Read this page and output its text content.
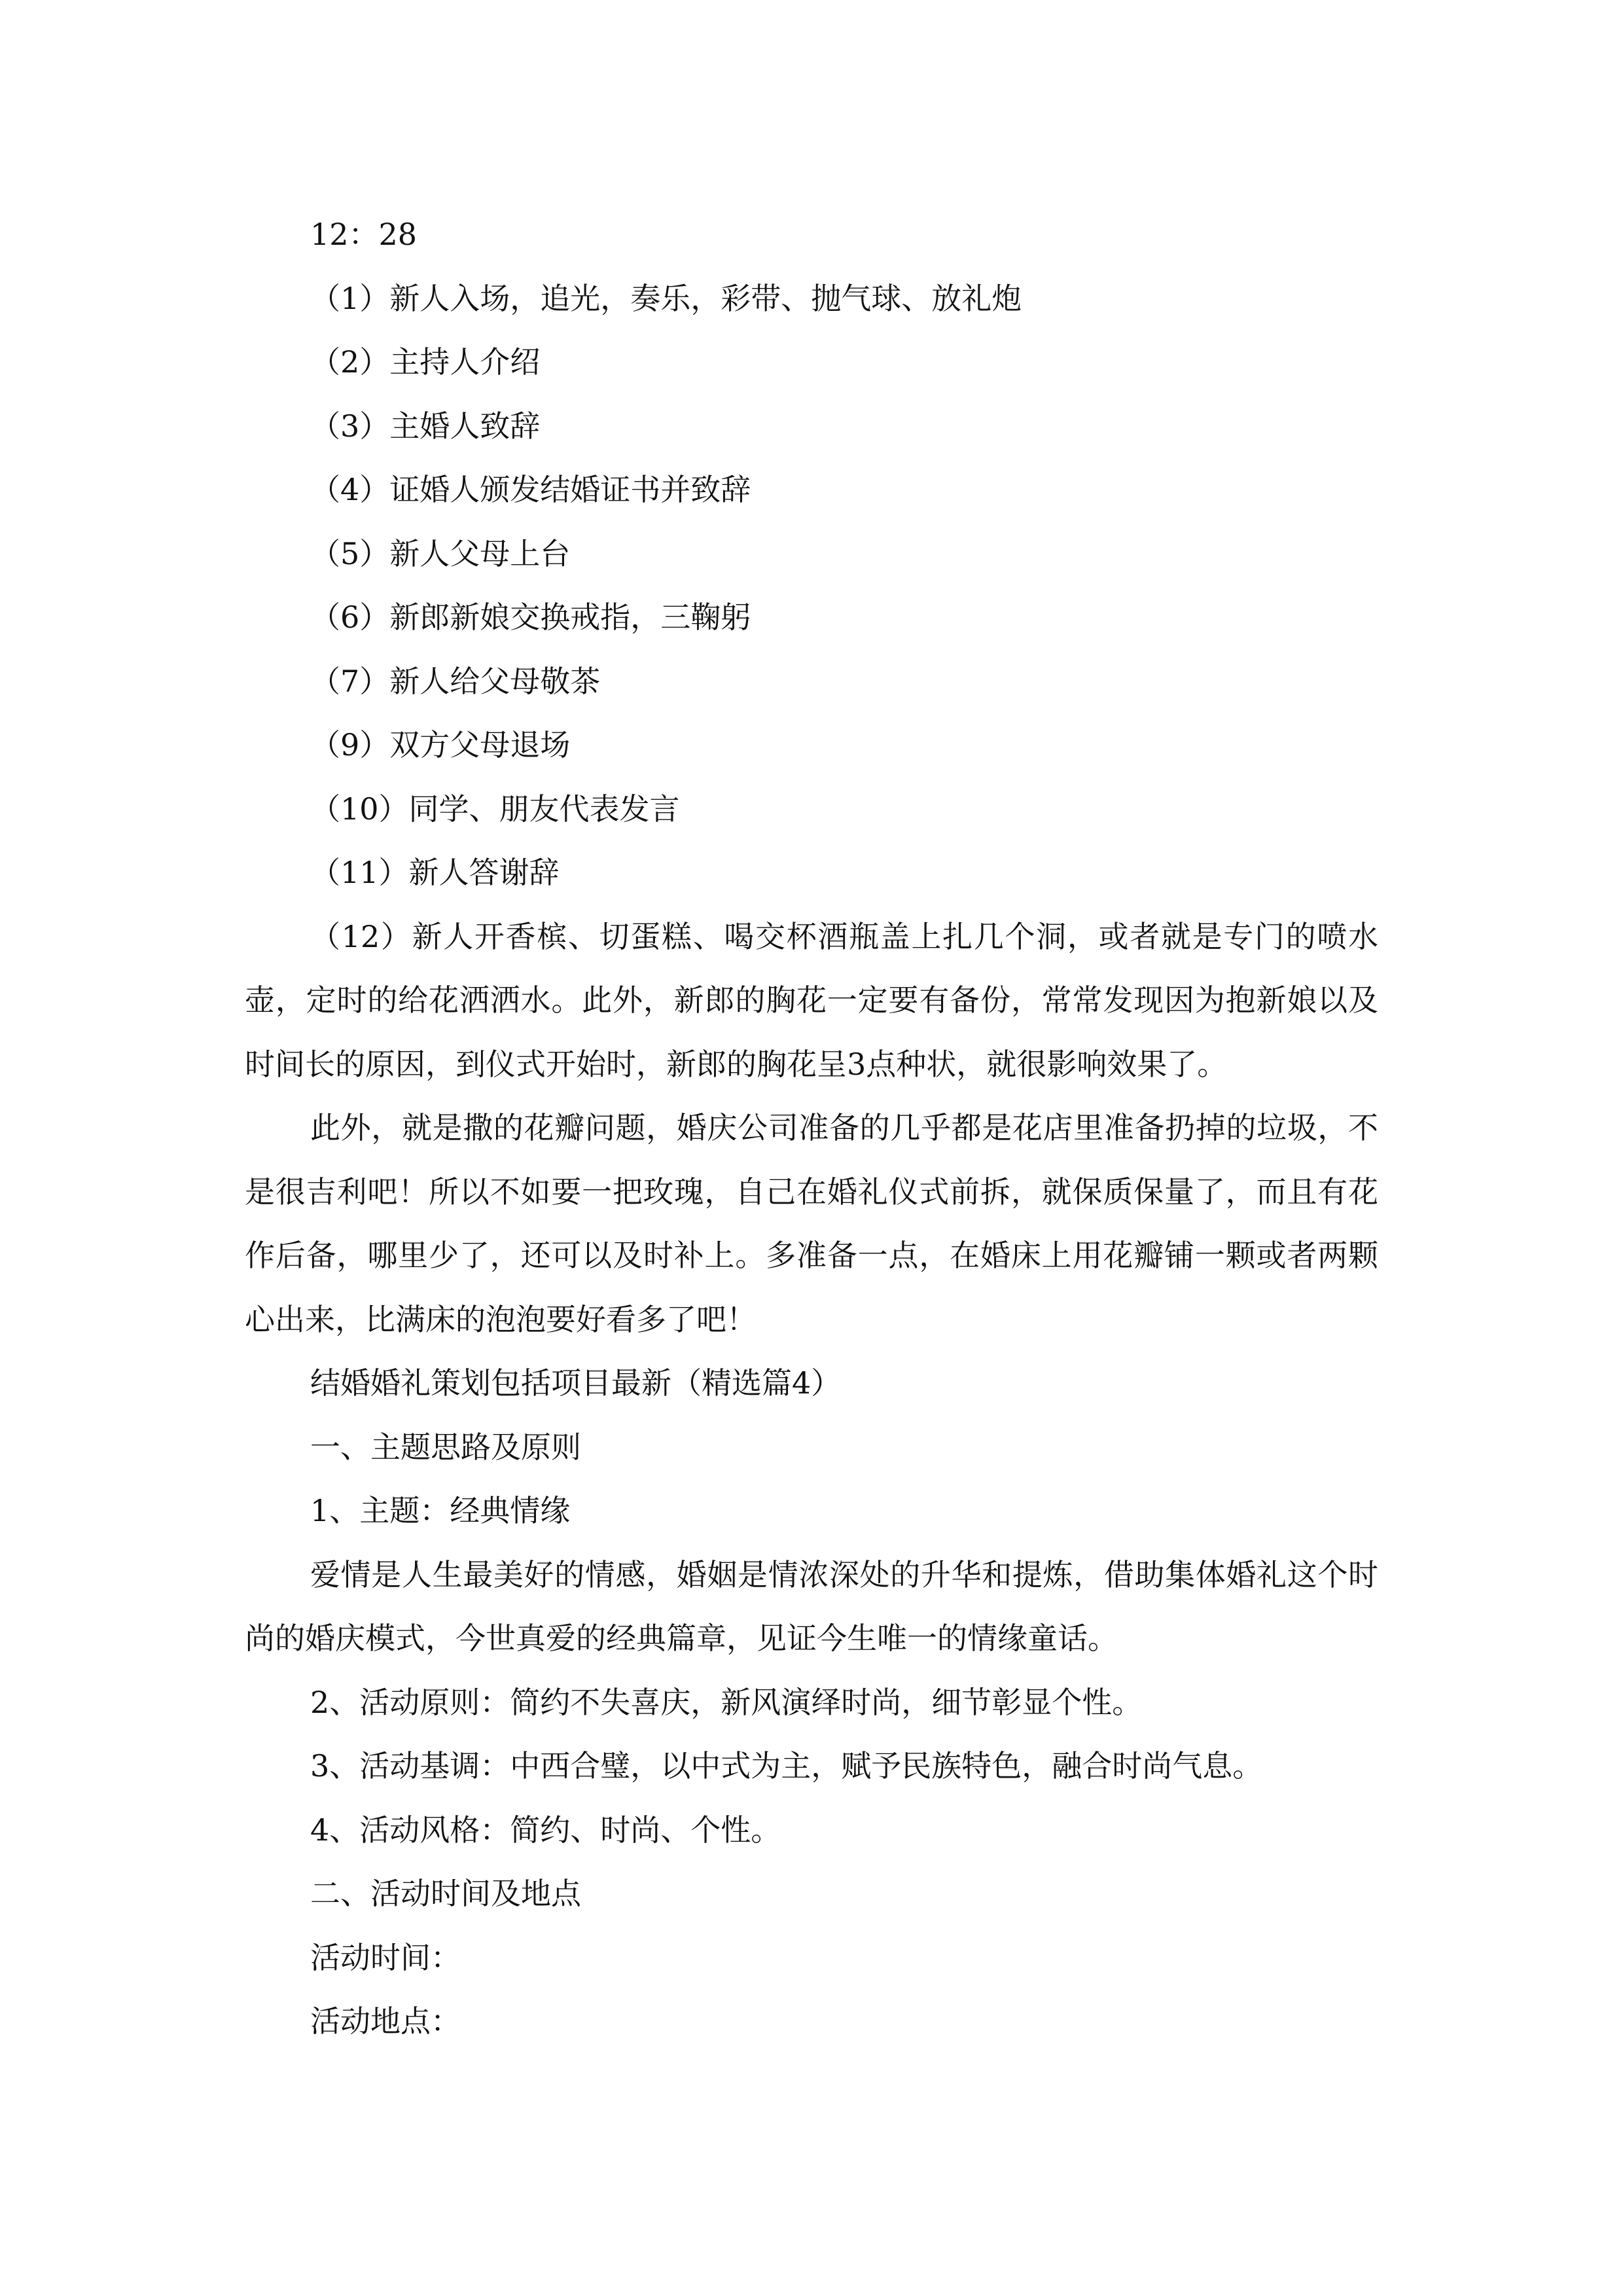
12：28

（1）新人入场，追光，奏乐，彩带、抛气球、放礼炮

（2）主持人介绍

（3）主婚人致辞

（4）证婚人颁发结婚证书并致辞

（5）新人父母上台

（6）新郎新娘交换戒指，三鞠躬

（7）新人给父母敬茶

（9）双方父母退场

（10）同学、朋友代表发言

（11）新人答谢辞

（12）新人开香槟、切蛋糕、喝交杯酒瓶盖上扎几个洞，或者就是专门的喷水壶，定时的给花洒洒水。此外，新郎的胸花一定要有备份，常常发现因为抱新娘以及时间长的原因，到仪式开始时，新郎的胸花呈3点种状，就很影响效果了。

此外，就是撒的花瓣问题，婚庆公司准备的几乎都是花店里准备扔掉的垃圾，不是很吉利吧！所以不如要一把玫瑰，自己在婚礼仪式前拆，就保质保量了，而且有花作后备，哪里少了，还可以及时补上。多准备一点，在婚床上用花瓣铺一颗或者两颗心出来，比满床的泡泡要好看多了吧！

结婚婚礼策划包括项目最新（精选篇4）

一、主题思路及原则

1、主题：经典情缘

爱情是人生最美好的情感，婚姻是情浓深处的升华和提炼，借助集体婚礼这个时尚的婚庆模式，今世真爱的经典篇章，见证今生唯一的情缘童话。

2、活动原则：简约不失喜庆，新风演绎时尚，细节彰显个性。

3、活动基调：中西合璧，以中式为主，赋予民族特色，融合时尚气息。

4、活动风格：简约、时尚、个性。

二、活动时间及地点

活动时间：

活动地点：
